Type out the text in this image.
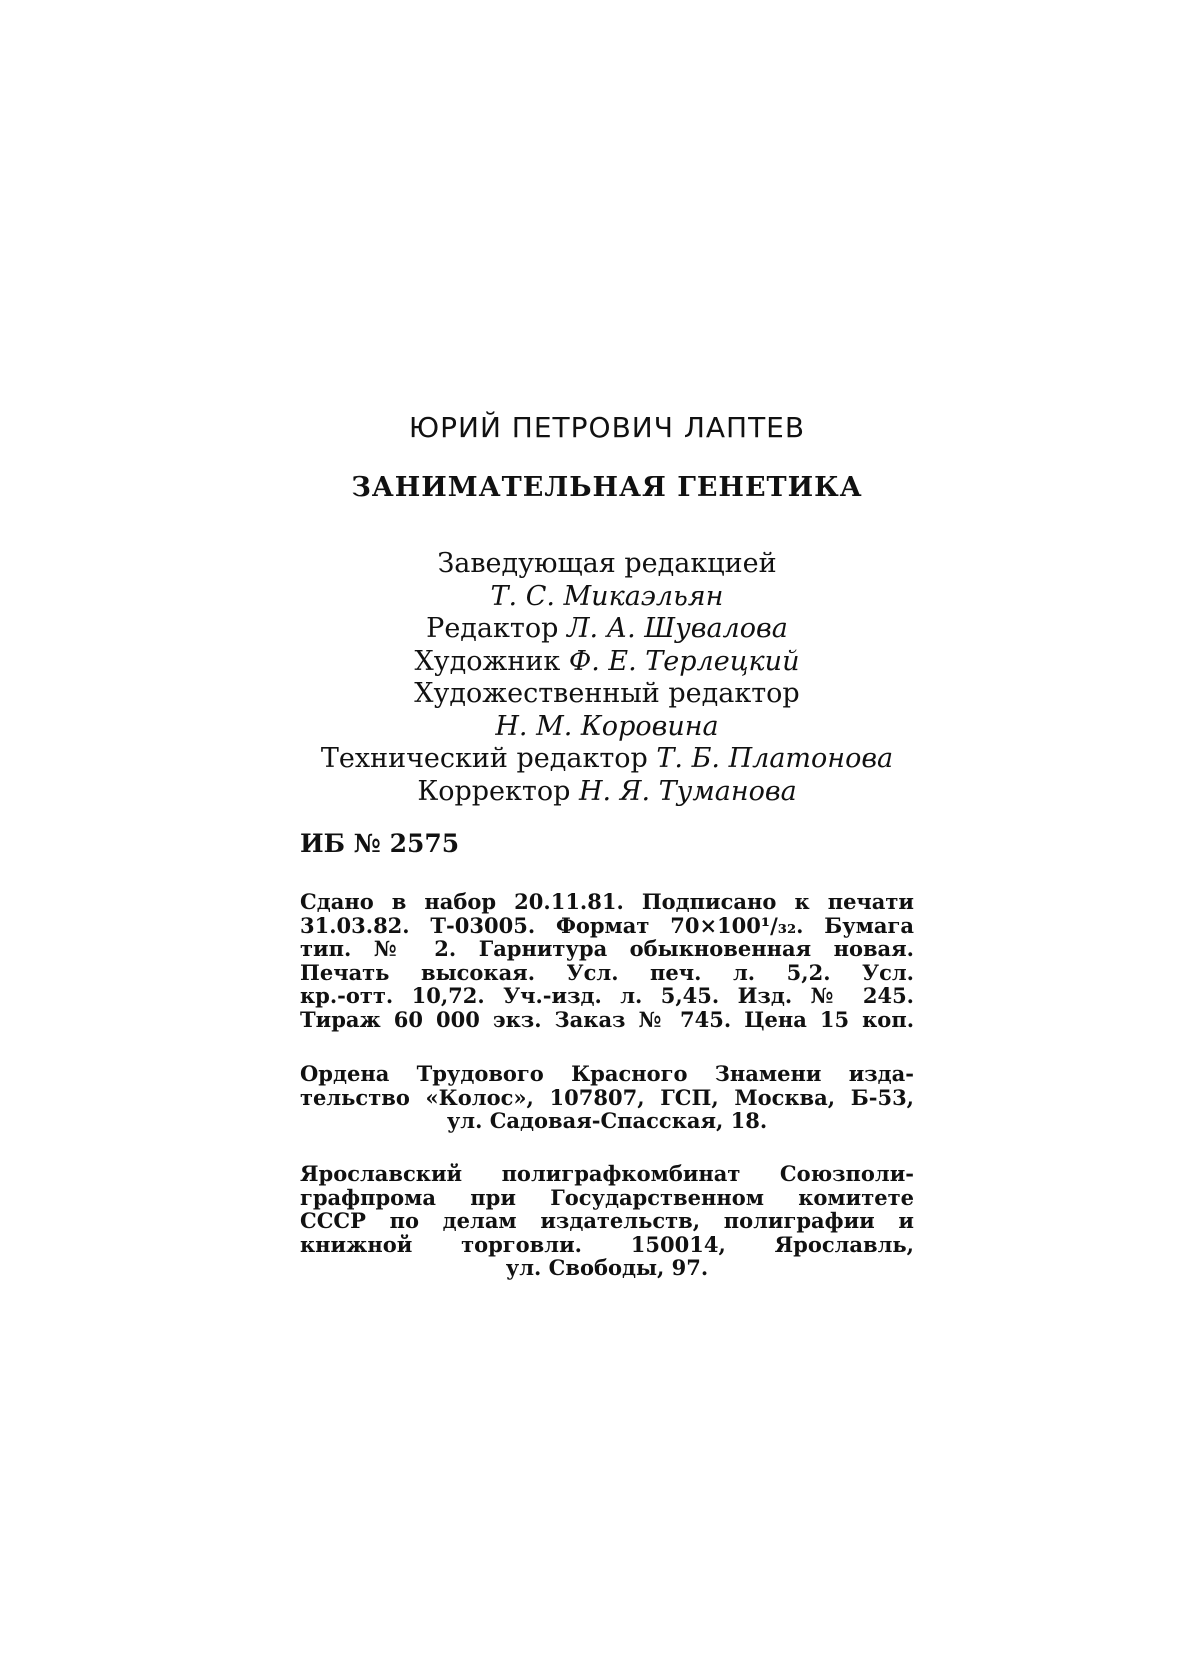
ЮРИЙ ПЕТРОВИЧ ЛАПТЕВ
ЗАНИМАТЕЛЬНАЯ ГЕНЕТИКА
Заведующая редакцией
Т. С. Микаэльян
Редактор Л. А. Шувалова
Художник Ф. Е. Терлецкий
Художественный редактор
Н. М. Коровина
Технический редактор Т. Б. Платонова
Корректор Н. Я. Туманова
ИБ № 2575
Сдано в набор 20.11.81. Подписано к печати
31.03.82. Т-03005. Формат 70×100¹/₃₂. Бумага
тип. № 2. Гарнитура обыкновенная новая.
Печать высокая. Усл. печ. л. 5,2. Усл.
кр.-отт. 10,72. Уч.-изд. л. 5,45. Изд. № 245.
Тираж 60 000 экз. Заказ № 745. Цена 15 коп.
Ордена Трудового Красного Знамени изда-
тельство «Колос», 107807, ГСП, Москва, Б-53,
ул. Садовая-Спасская, 18.
Ярославский полиграфкомбинат Союзполи-
графпрома при Государственном комитете
СССР по делам издательств, полиграфии и
книжной торговли. 150014, Ярославль,
ул. Свободы, 97.
